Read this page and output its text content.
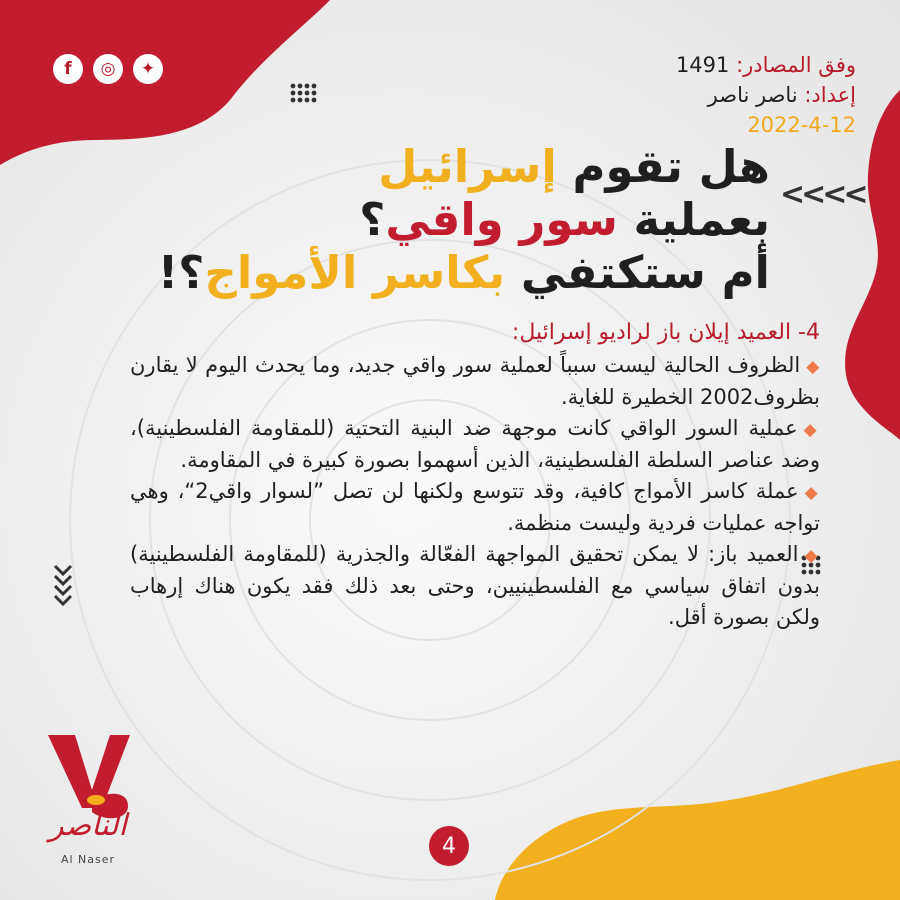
f	◎	✦	وفق المصادر: 1491
إعداد: ناصر ناصر
2022-4-12
<<<<
هل تقوم إسرائيل
بعملية سور واقي؟
أم ستكتفي بكاسر الأمواج؟!
4- العميد إيلان باز لراديو إسرائيل:

◆الظروف الحالية ليست سبباً لعملية سور واقي جديد، وما يحدث اليوم لا يقارن بظروف2002 الخطيرة للغاية.

◆عملية السور الواقي كانت موجهة ضد البنية التحتية (للمقاومة الفلسطينية)، وضد عناصر السلطة الفلسطينية، الذين أسهموا بصورة كبيرة في المقاومة.

◆عملة كاسر الأمواج كافية، وقد تتوسع ولكنها لن تصل ”لسوار واقي2“، وهي تواجه عمليات فردية وليست منظمة.

◆العميد باز: لا يمكن تحقيق المواجهة الفعّالة والجذرية (للمقاومة الفلسطينية) بدون اتفاق سياسي مع الفلسطينيين، وحتى بعد ذلك فقد يكون هناك إرهاب ولكن بصورة أقل.

الناصر
Al Naser
4
